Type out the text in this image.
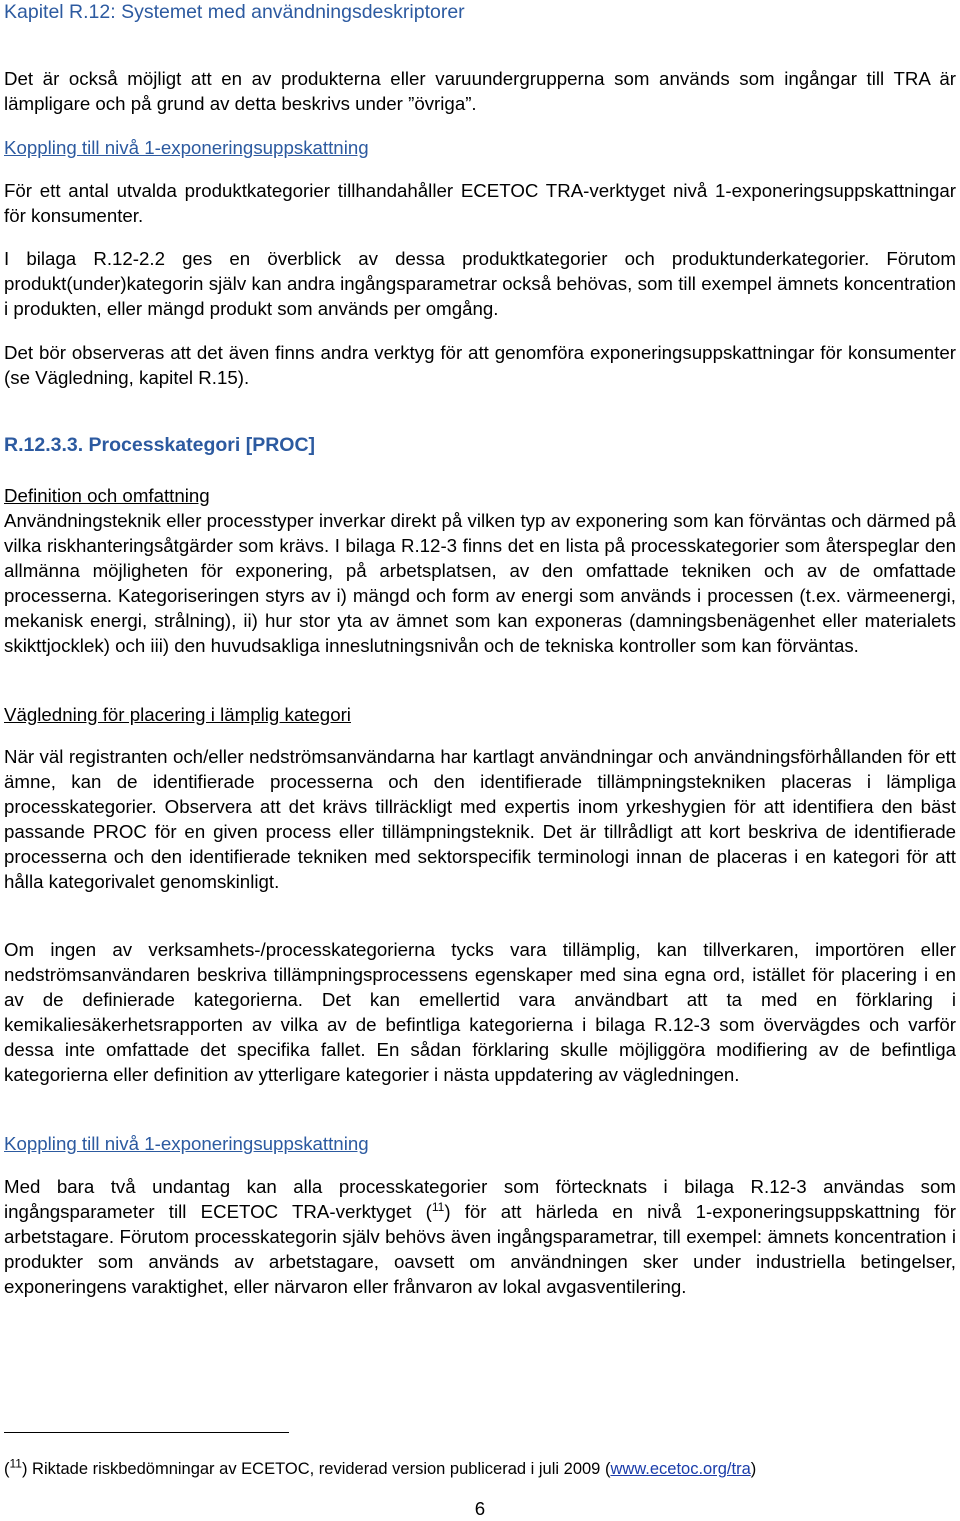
Kapitel R.12: Systemet med användningsdeskriptorer

Det är också möjligt att en av produkterna eller varuundergrupperna som används som ingångar till TRA är lämpligare och på grund av detta beskrivs under ”övriga”.

Koppling till nivå 1-exponeringsuppskattning

För ett antal utvalda produktkategorier tillhandahåller ECETOC TRA-verktyget nivå 1-exponeringsuppskattningar för konsumenter.

I bilaga R.12-2.2 ges en överblick av dessa produktkategorier och produktunderkategorier. Förutom produkt(under)kategorin själv kan andra ingångsparametrar också behövas, som till exempel ämnets koncentration i produkten, eller mängd produkt som används per omgång.

Det bör observeras att det även finns andra verktyg för att genomföra exponeringsuppskattningar för konsumenter (se Vägledning, kapitel R.15).

R.12.3.3. Processkategori [PROC]
Definition och omfattning

Användningsteknik eller processtyper inverkar direkt på vilken typ av exponering som kan förväntas och därmed på vilka riskhanteringsåtgärder som krävs. I bilaga R.12-3 finns det en lista på processkategorier som återspeglar den allmänna möjligheten för exponering, på arbetsplatsen, av den omfattade tekniken och av de omfattade processerna. Kategoriseringen styrs av i) mängd och form av energi som används i processen (t.ex. värmeenergi, mekanisk energi, strålning), ii) hur stor yta av ämnet som kan exponeras (damningsbenägenhet eller materialets skikttjocklek) och iii) den huvudsakliga inneslutningsnivån och de tekniska kontroller som kan förväntas.

Vägledning för placering i lämplig kategori

När väl registranten och/eller nedströmsanvändarna har kartlagt användningar och användningsförhållanden för ett ämne, kan de identifierade processerna och den identifierade tillämpningstekniken placeras i lämpliga processkategorier. Observera att det krävs tillräckligt med expertis inom yrkeshygien för att identifiera den bäst passande PROC för en given process eller tillämpningsteknik. Det är tillrådligt att kort beskriva de identifierade processerna och den identifierade tekniken med sektorspecifik terminologi innan de placeras i en kategori för att hålla kategorivalet genomskinligt.

Om ingen av verksamhets-/processkategorierna tycks vara tillämplig, kan tillverkaren, importören eller nedströmsanvändaren beskriva tillämpningsprocessens egenskaper med sina egna ord, istället för placering i en av de definierade kategorierna. Det kan emellertid vara användbart att ta med en förklaring i kemikaliesäkerhetsrapporten av vilka av de befintliga kategorierna i bilaga R.12-3 som övervägdes och varför dessa inte omfattade det specifika fallet. En sådan förklaring skulle möjliggöra modifiering av de befintliga kategorierna eller definition av ytterligare kategorier i nästa uppdatering av vägledningen.

Koppling till nivå 1-exponeringsuppskattning

Med bara två undantag kan alla processkategorier som förtecknats i bilaga R.12-3 användas som ingångsparameter till ECETOC TRA-verktyget ($^{11}$) för att härleda en nivå 1-exponeringsuppskattning för arbetstagare. Förutom processkategorin själv behövs även ingångsparametrar, till exempel: ämnets koncentration i produkter som används av arbetstagare, oavsett om användningen sker under industriella betingelser, exponeringens varaktighet, eller närvaron eller frånvaron av lokal avgasventilering.

($^{11}$) Riktade riskbedömningar av ECETOC, reviderad version publicerad i juli 2009 (www.ecetoc.org/tra)
6
